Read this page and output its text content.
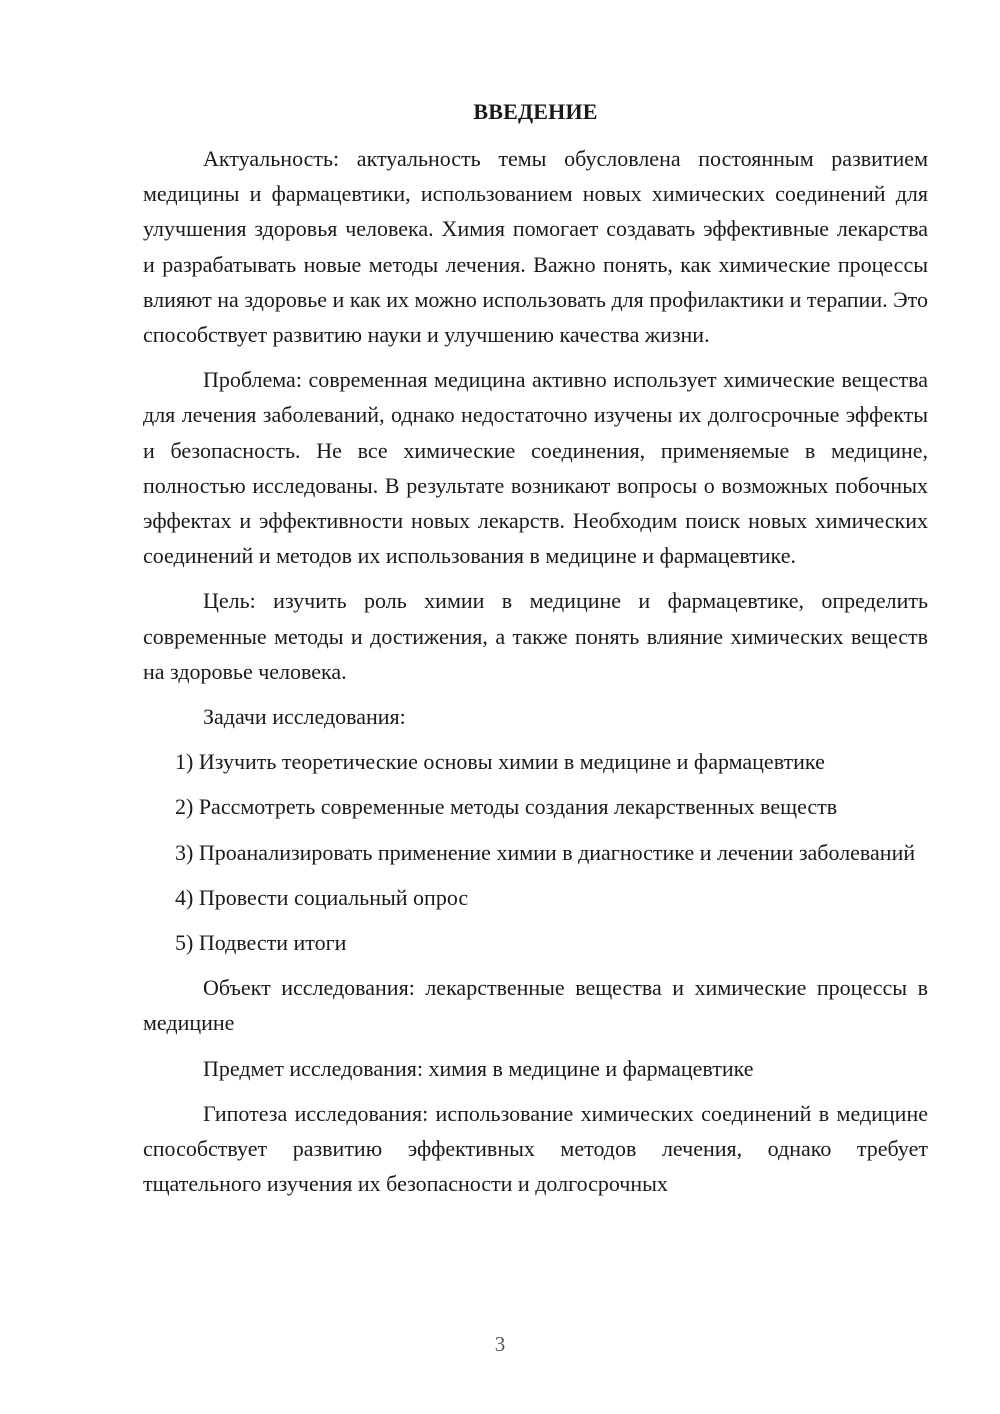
ВВЕДЕНИЕ

Актуальность: актуальность темы обусловлена постоянным развитием медицины и фармацевтики, использованием новых химических соединений для улучшения здоровья человека. Химия помогает создавать эффективные лекарства и разрабатывать новые методы лечения. Важно понять, как химические процессы влияют на здоровье и как их можно использовать для профилактики и терапии. Это способствует развитию науки и улучшению качества жизни.

Проблема: современная медицина активно использует химические вещества для лечения заболеваний, однако недостаточно изучены их долгосрочные эффекты и безопасность. Не все химические соединения, применяемые в медицине, полностью исследованы. В результате возникают вопросы о возможных побочных эффектах и эффективности новых лекарств. Необходим поиск новых химических соединений и методов их использования в медицине и фармацевтике.

Цель: изучить роль химии в медицине и фармацевтике, определить современные методы и достижения, а также понять влияние химических веществ на здоровье человека.

Задачи исследования:

1) Изучить теоретические основы химии в медицине и фармацевтике

2) Рассмотреть современные методы создания лекарственных веществ

3) Проанализировать применение химии в диагностике и лечении заболеваний

4) Провести социальный опрос

5) Подвести итоги

Объект исследования: лекарственные вещества и химические процессы в медицине

Предмет исследования: химия в медицине и фармацевтике

Гипотеза исследования: использование химических соединений в медицине способствует развитию эффективных методов лечения, однако требует тщательного изучения их безопасности и долгосрочных

3
